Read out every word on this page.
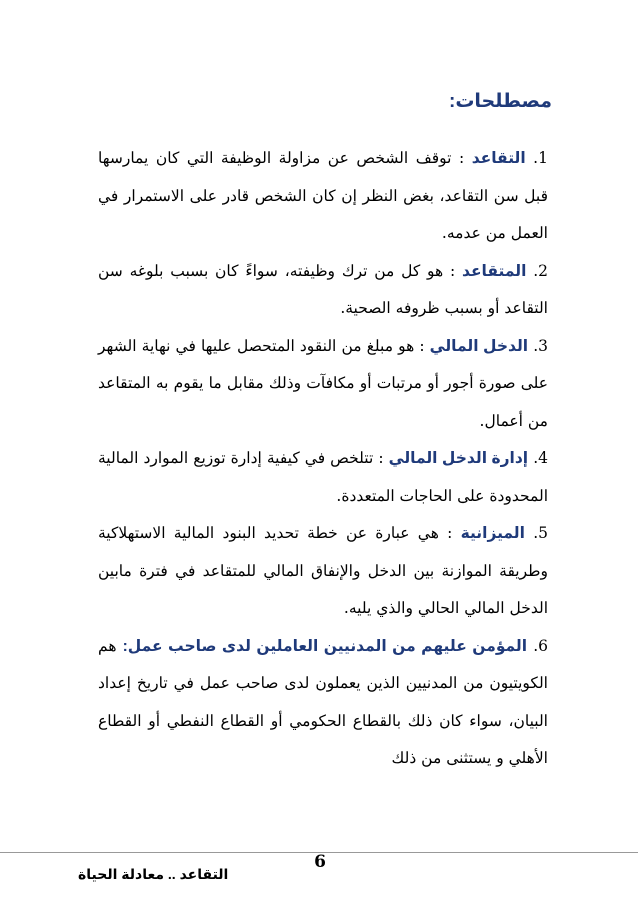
مصطلحات:

1. التقاعد : توقف الشخص عن مزاولة الوظيفة التي كان يمارسها قبل سن التقاعد، بغض النظر إن كان الشخص قادر على الاستمرار في العمل من عدمه.

2. المتقاعد : هو كل من ترك وظيفته، سواءً كان بسبب بلوغه سن التقاعد أو بسبب ظروفه الصحية.

3. الدخل المالي : هو مبلغ من النقود المتحصل عليها في نهاية الشهر على صورة أجور أو مرتبات أو مكافآت وذلك مقابل ما يقوم به المتقاعد من أعمال.

4. إدارة الدخل المالي : تتلخص في كيفية إدارة توزيع الموارد المالية المحدودة على الحاجات المتعددة.

5. الميزانية : هي عبارة عن خطة تحديد البنود المالية الاستهلاكية وطريقة الموازنة بين الدخل والإنفاق المالي للمتقاعد في فترة مابين الدخل المالي الحالي والذي يليه.

6. المؤمن عليهم من المدنيين العاملين لدى صاحب عمل: هم الكويتيون من المدنيين الذين يعملون لدى صاحب عمل في تاريخ إعداد البيان، سواء كان ذلك بالقطاع الحكومي أو القطاع النفطي أو القطاع الأهلي و يستثنى من ذلك

6
التقاعد .. معادلة الحياة
